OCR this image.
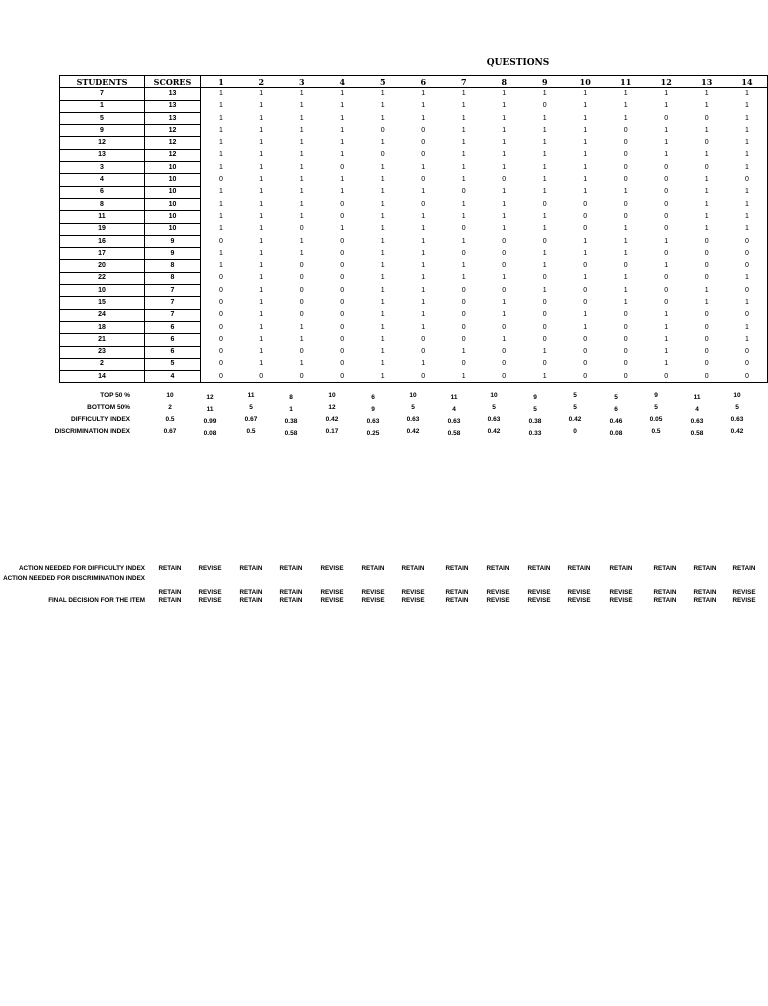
QUESTIONS
STUDENTS	SCORES	1	2	3	4	5	6	7	8	9	10	11	12	13	14
7	13	1	1	1	1	1	1	1	1	1	1	1	1	1	1
1	13	1	1	1	1	1	1	1	1	0	1	1	1	1	1
5	13	1	1	1	1	1	1	1	1	1	1	1	0	0	1
9	12	1	1	1	1	0	0	1	1	1	1	0	1	1	1
12	12	1	1	1	1	1	0	1	1	1	1	0	1	0	1
13	12	1	1	1	1	0	0	1	1	1	1	0	1	1	1
3	10	1	1	1	0	1	1	1	1	1	1	0	0	0	1
4	10	0	1	1	1	1	0	1	0	1	1	0	0	1	0
6	10	1	1	1	1	1	1	0	1	1	1	1	0	1	1
8	10	1	1	1	0	1	0	1	1	0	0	0	0	1	1
11	10	1	1	1	0	1	1	1	1	1	0	0	0	1	1
19	10	1	1	0	1	1	1	0	1	1	0	1	0	1	1
16	9	0	1	1	0	1	1	1	0	0	1	1	1	0	0
17	9	1	1	1	0	1	1	0	0	1	1	1	0	0	0
20	8	1	1	0	0	1	1	1	0	1	0	0	1	0	0
22	8	0	1	0	0	1	1	1	1	0	1	1	0	0	1
10	7	0	1	0	0	1	1	0	0	1	0	1	0	1	0
15	7	0	1	0	0	1	1	0	1	0	0	1	0	1	1
24	7	0	1	0	0	1	1	0	1	0	1	0	1	0	0
18	6	0	1	1	0	1	1	0	0	0	1	0	1	0	1
21	6	0	1	1	0	1	0	0	1	0	0	0	1	0	1
23	6	0	1	0	0	1	0	1	0	1	0	0	1	0	0
2	5	0	1	1	0	1	1	0	0	0	0	0	1	0	0
14	4	0	0	0	0	1	0	1	0	1	0	0	0	0	0
TOP 50 %	10	12	11	8	10	6	10	11	10	9	5	5	9	11	10
BOTTOM 50%	2	11	5	1	12	9	5	4	5	5	5	6	5	4	5
DIFFICULTY INDEX	0.5	0.99	0.67	0.38	0.42	0.63	0.63	0.63	0.63	0.38	0.42	0.46	0.05	0.63	0.63
DISCRIMINATION INDEX	0.67	0.08	0.5	0.58	0.17	0.25	0.42	0.58	0.42	0.33	0	0.08	0.5	0.58	0.42
ACTION NEEDED FOR DIFFICULTY INDEX	RETAIN	REVISE	RETAIN	RETAIN	REVISE	RETAIN	RETAIN	RETAIN	RETAIN	RETAIN	RETAIN	RETAIN	RETAIN	RETAIN	RETAIN
ACTION NEEDED FOR DISCRIMINATION INDEX
RETAIN	REVISE	RETAIN	RETAIN	REVISE	REVISE	REVISE	RETAIN	REVISE	REVISE	REVISE	REVISE	RETAIN	RETAIN	REVISE
FINAL DECISION FOR THE ITEM	RETAIN	REVISE	RETAIN	RETAIN	REVISE	REVISE	REVISE	RETAIN	REVISE	REVISE	REVISE	REVISE	RETAIN	RETAIN	REVISE
